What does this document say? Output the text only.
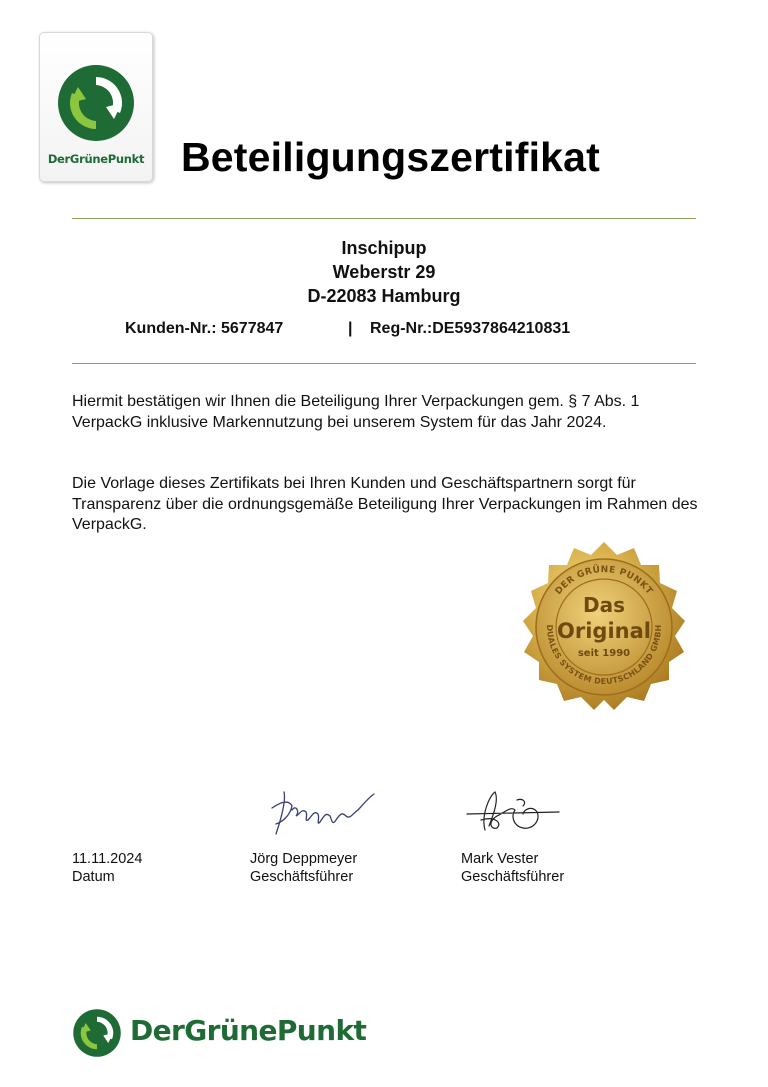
DerGrünePunkt Beteiligungszertifikat
Inschipup
Weberstr 29
D-22083 Hamburg
Kunden-Nr.: 5677847	| Reg-Nr.:DE5937864210831
Hiermit bestätigen wir Ihnen die Beteiligung Ihrer Verpackungen gem. § 7 Abs. 1 VerpackG inklusive Markennutzung bei unserem System für das Jahr 2024.
Die Vorlage dieses Zertifikats bei Ihren Kunden und Geschäftspartnern sorgt für Transparenz über die ordnungsgemäße Beteiligung Ihrer Verpackungen im Rahmen des VerpackG.
DER GRÜNE PUNKT
DUALES SYSTEM DEUTSCHLAND GMBH
Das
Original
seit 1990
11.11.2024
Datum
Jörg Deppmeyer
Geschäftsführer
Mark Vester
Geschäftsführer
DerGrünePunkt
